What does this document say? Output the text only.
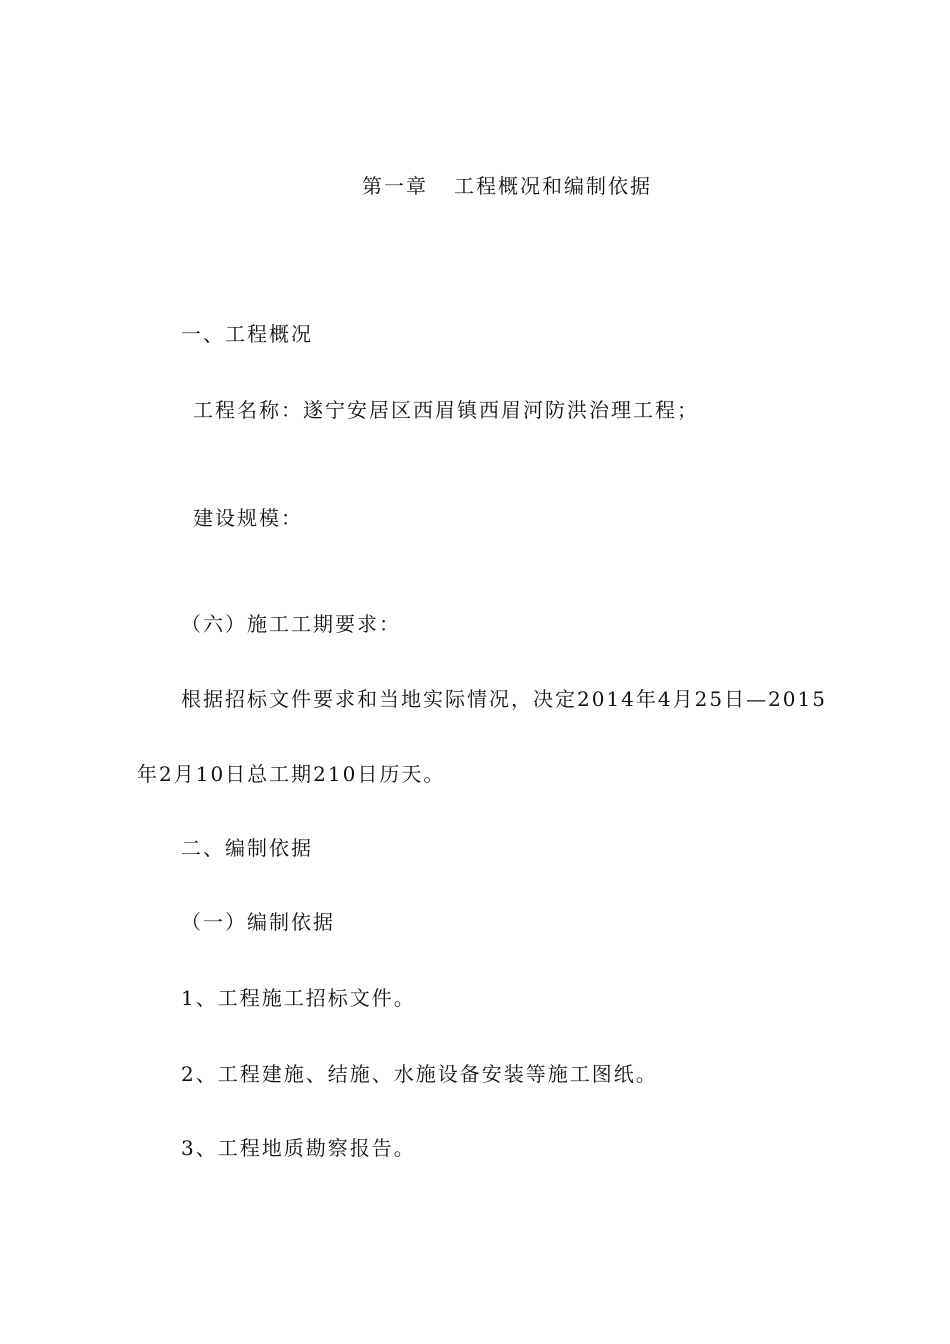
第一章 工程概况和编制依据
一、工程概况
工程名称：遂宁安居区西眉镇西眉河防洪治理工程；
建设规模：
（六）施工工期要求：
根据招标文件要求和当地实际情况，决定2014年4月25日—2015
年2月10日总工期210日历天。
二、编制依据
（一）编制依据
1、工程施工招标文件。
2、工程建施、结施、水施设备安装等施工图纸。
3、工程地质勘察报告。
